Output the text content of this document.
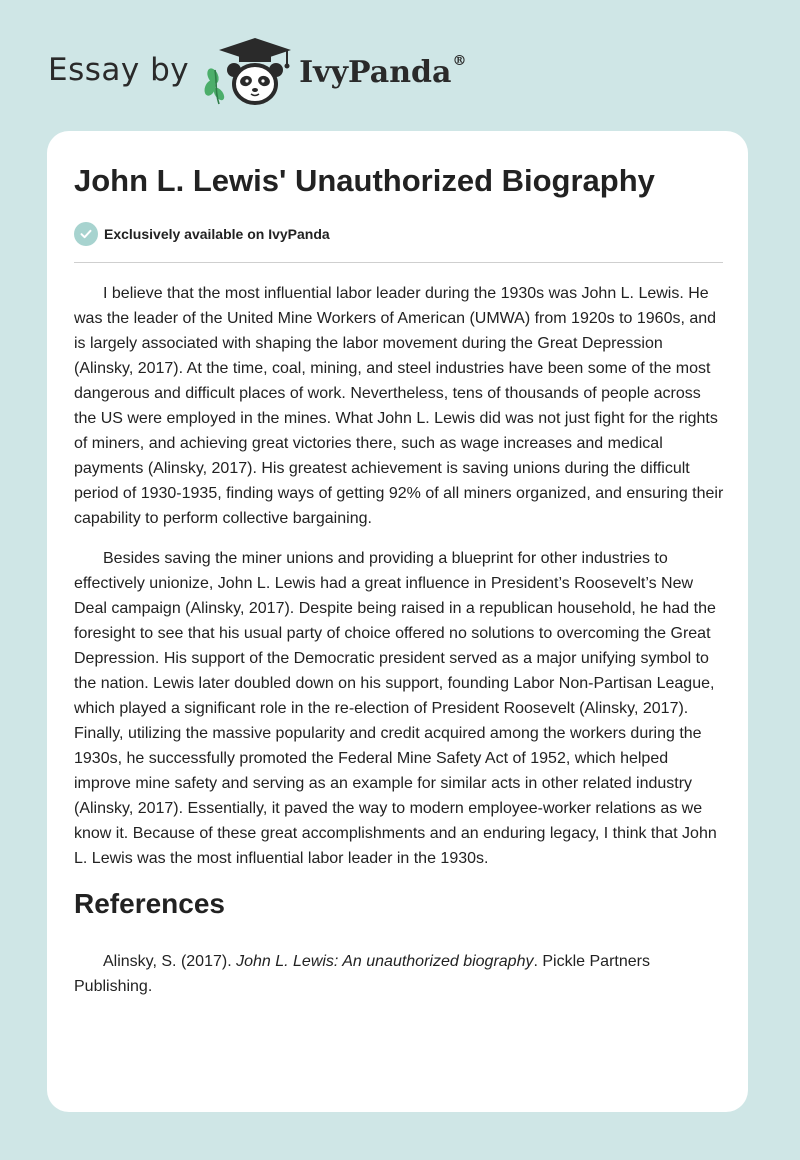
Essay by	IvyPanda®
John L. Lewis' Unauthorized Biography
Exclusively available on IvyPanda

I believe that the most influential labor leader during the 1930s was John L. Lewis. He was the leader of the United Mine Workers of American (UMWA) from 1920s to 1960s, and is largely associated with shaping the labor movement during the Great Depression (Alinsky, 2017). At the time, coal, mining, and steel industries have been some of the most dangerous and difficult places of work. Nevertheless, tens of thousands of people across the US were employed in the mines. What John L. Lewis did was not just fight for the rights of miners, and achieving great victories there, such as wage increases and medical payments (Alinsky, 2017). His greatest achievement is saving unions during the difficult period of 1930-1935, finding ways of getting 92% of all miners organized, and ensuring their capability to perform collective bargaining.

Besides saving the miner unions and providing a blueprint for other industries to effectively unionize, John L. Lewis had a great influence in President’s Roosevelt’s New Deal campaign (Alinsky, 2017). Despite being raised in a republican household, he had the foresight to see that his usual party of choice offered no solutions to overcoming the Great Depression. His support of the Democratic president served as a major unifying symbol to the nation. Lewis later doubled down on his support, founding Labor Non-Partisan League, which played a significant role in the re-election of President Roosevelt (Alinsky, 2017). Finally, utilizing the massive popularity and credit acquired among the workers during the 1930s, he successfully promoted the Federal Mine Safety Act of 1952, which helped improve mine safety and serving as an example for similar acts in other related industry (Alinsky, 2017). Essentially, it paved the way to modern employee-worker relations as we know it. Because of these great accomplishments and an enduring legacy, I think that John L. Lewis was the most influential labor leader in the 1930s.

References

Alinsky, S. (2017). John L. Lewis: An unauthorized biography. Pickle Partners Publishing.
